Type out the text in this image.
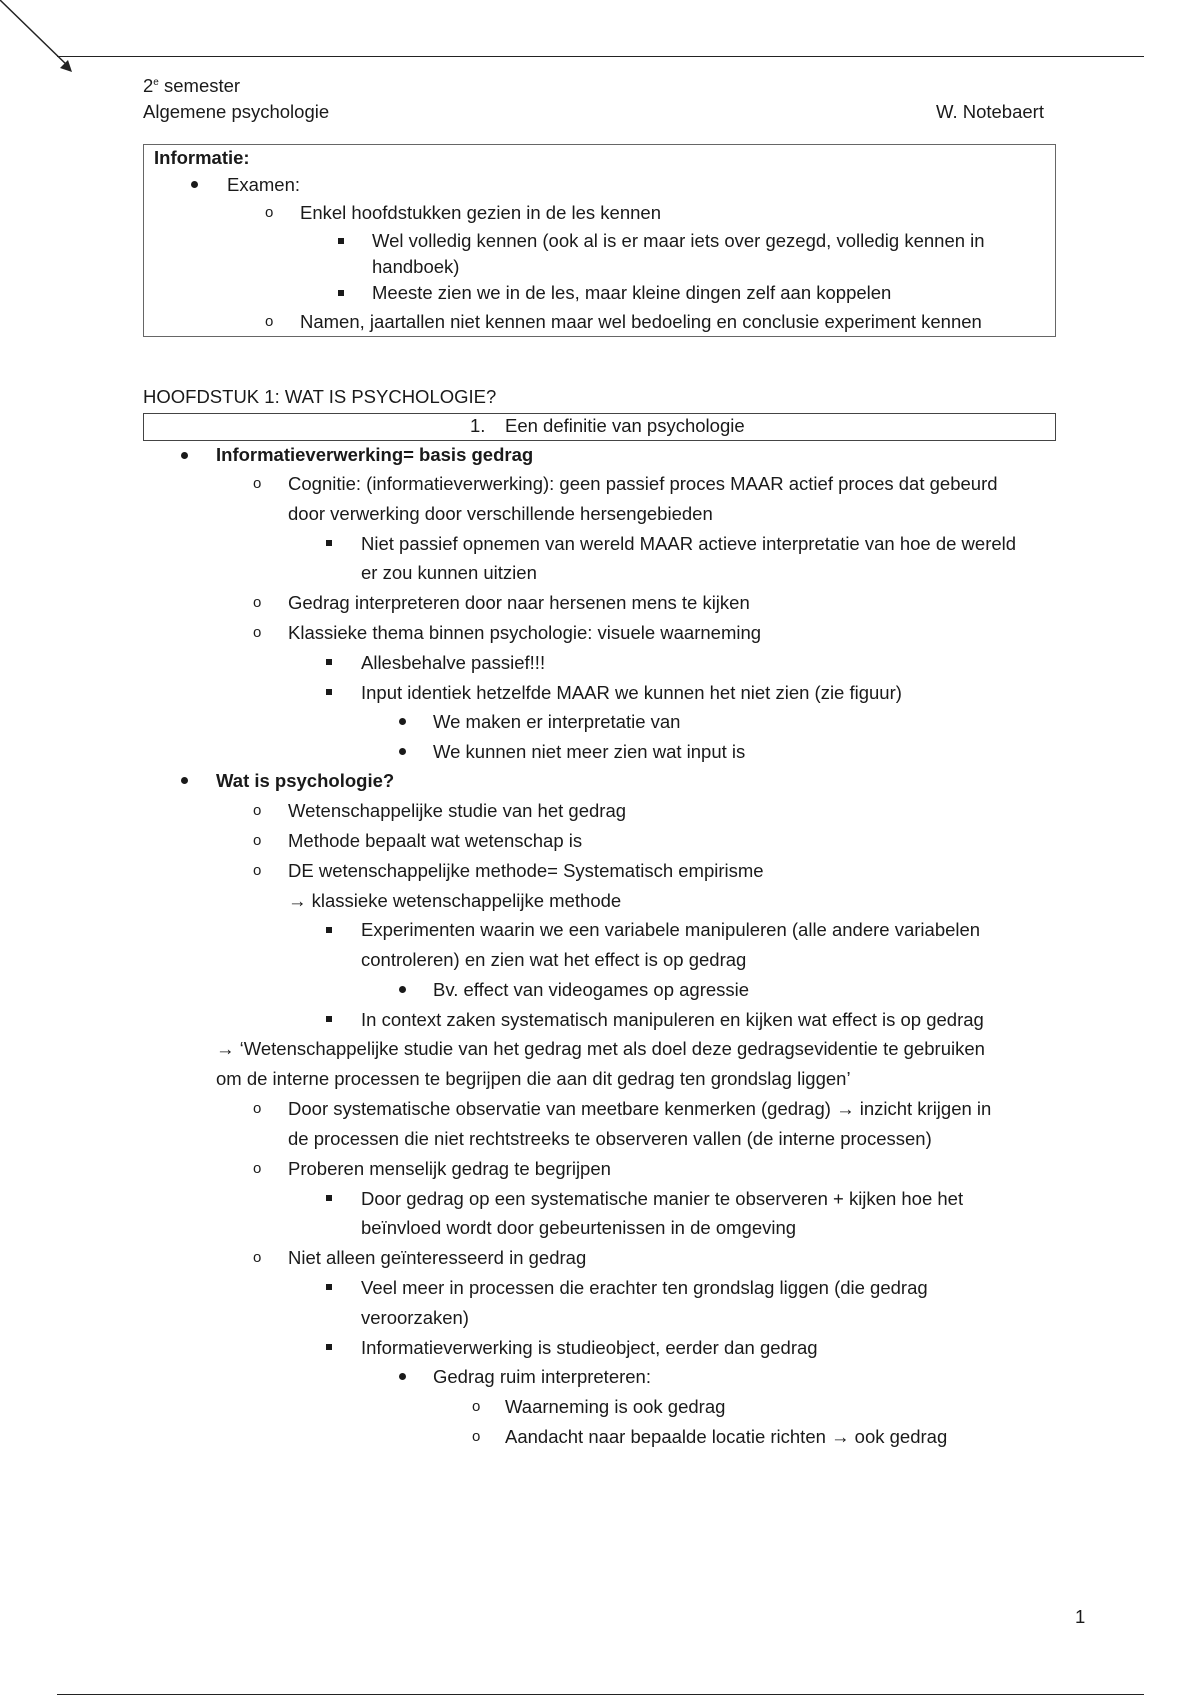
2e semester
Algemene psychologie	W. Notebaert
Informatie:
Examen:
o Enkel hoofdstukken gezien in de les kennen
Wel volledig kennen (ook al is er maar iets over gezegd, volledig kennen in
handboek)
Meeste zien we in de les, maar kleine dingen zelf aan koppelen
o Namen, jaartallen niet kennen maar wel bedoeling en conclusie experiment kennen
HOOFDSTUK 1: WAT IS PSYCHOLOGIE?
1. Een definitie van psychologie
Informatieverwerking= basis gedrag
o Cognitie: (informatieverwerking): geen passief proces MAAR actief proces dat gebeurd
door verwerking door verschillende hersengebieden
Niet passief opnemen van wereld MAAR actieve interpretatie van hoe de wereld
er zou kunnen uitzien
o Gedrag interpreteren door naar hersenen mens te kijken
o Klassieke thema binnen psychologie: visuele waarneming
Allesbehalve passief!!!
Input identiek hetzelfde MAAR we kunnen het niet zien (zie figuur)
We maken er interpretatie van
We kunnen niet meer zien wat input is
Wat is psychologie?
o Wetenschappelijke studie van het gedrag
o Methode bepaalt wat wetenschap is
o DE wetenschappelijke methode= Systematisch empirisme
→ klassieke wetenschappelijke methode
Experimenten waarin we een variabele manipuleren (alle andere variabelen
controleren) en zien wat het effect is op gedrag
Bv. effect van videogames op agressie
In context zaken systematisch manipuleren en kijken wat effect is op gedrag
→ ‘Wetenschappelijke studie van het gedrag met als doel deze gedragsevidentie te gebruiken
om de interne processen te begrijpen die aan dit gedrag ten grondslag liggen’
o Door systematische observatie van meetbare kenmerken (gedrag) → inzicht krijgen in
de processen die niet rechtstreeks te observeren vallen (de interne processen)
o Proberen menselijk gedrag te begrijpen
Door gedrag op een systematische manier te observeren + kijken hoe het
beïnvloed wordt door gebeurtenissen in de omgeving
o Niet alleen geïnteresseerd in gedrag
Veel meer in processen die erachter ten grondslag liggen (die gedrag
veroorzaken)
Informatieverwerking is studieobject, eerder dan gedrag
Gedrag ruim interpreteren:
o Waarneming is ook gedrag
o Aandacht naar bepaalde locatie richten → ook gedrag
1
